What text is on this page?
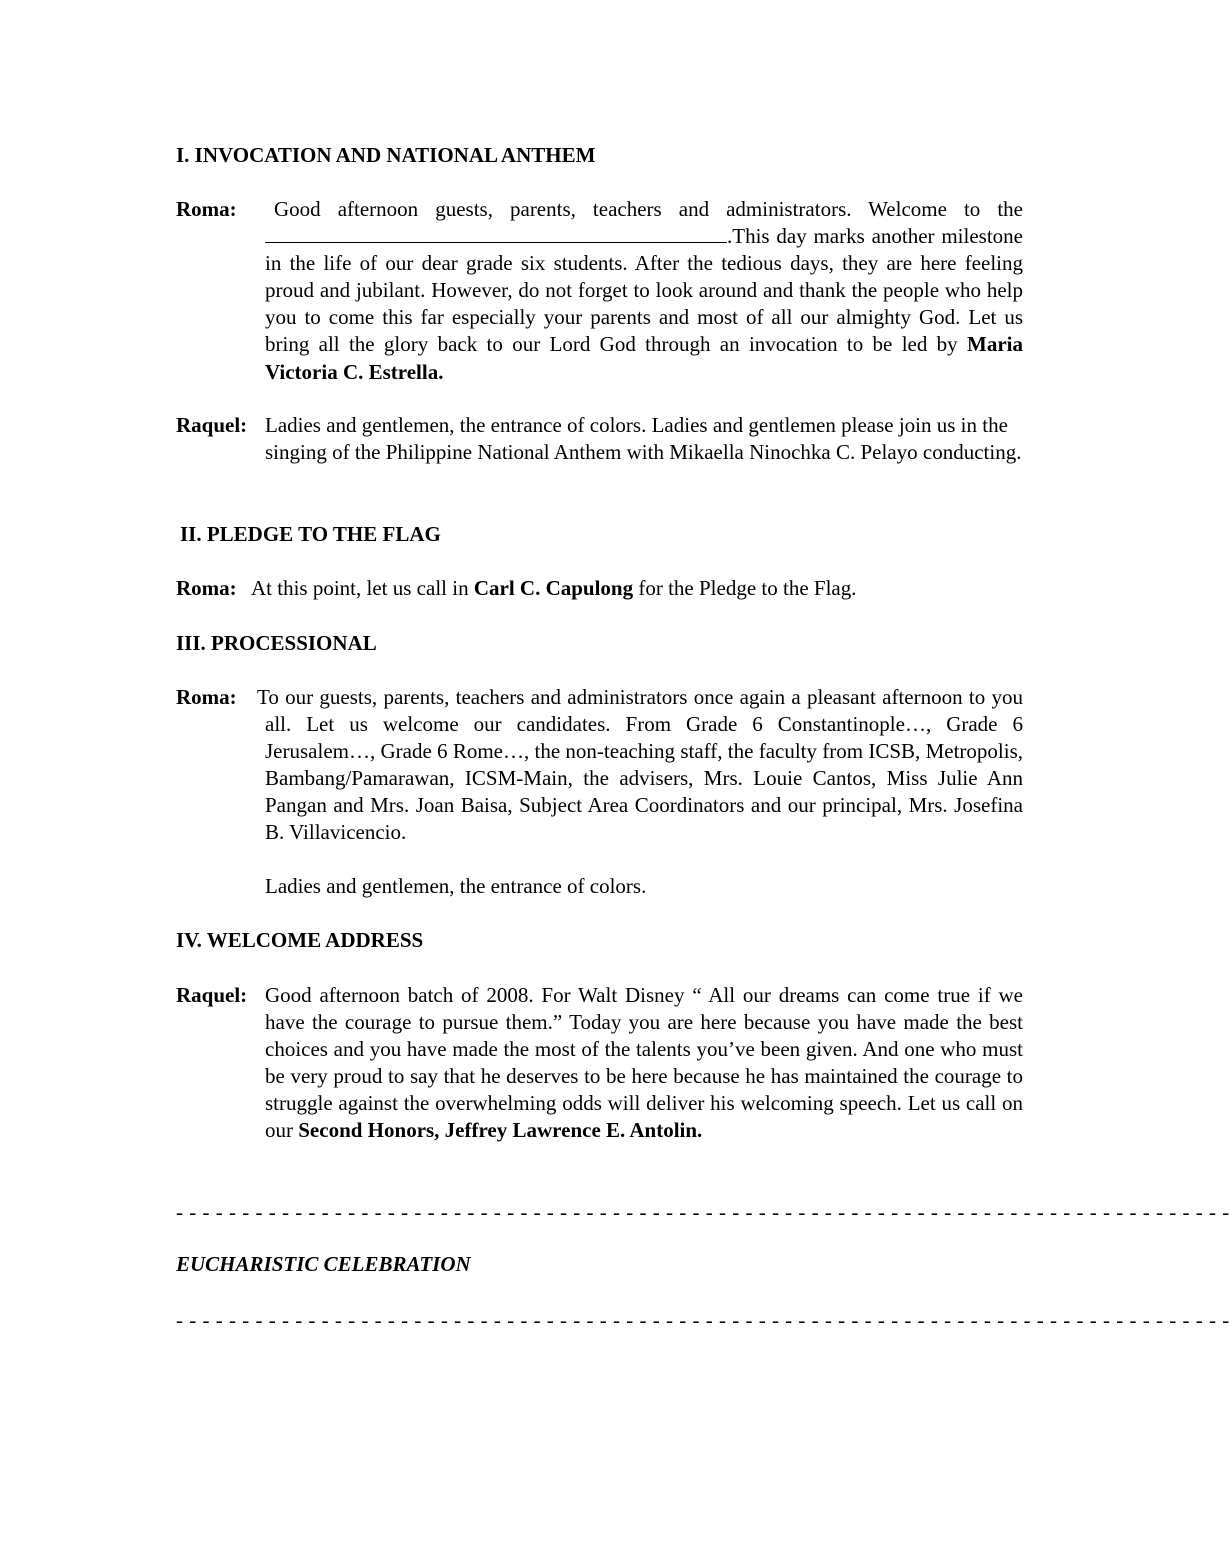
I. INVOCATION AND NATIONAL ANTHEM
Roma:	Good afternoon guests, parents, teachers and administrators. Welcome to the .This day marks another milestone in the life of our dear grade six students. After the tedious days, they are here feeling proud and jubilant. However, do not forget to look around and thank the people who help you to come this far especially your parents and most of all our almighty God. Let us bring all the glory back to our Lord God through an invocation to be led by Maria Victoria C. Estrella.
Raquel: Ladies and gentlemen, the entrance of colors. Ladies and gentlemen please join us in the singing of the Philippine National Anthem with Mikaella Ninochka C. Pelayo conducting.
II. PLEDGE TO THE FLAG
Roma: At this point, let us call in Carl C. Capulong for the Pledge to the Flag.
III. PROCESSIONAL
Roma: To our guests, parents, teachers and administrators once again a pleasant afternoon to you all. Let us welcome our candidates. From Grade 6 Constantinople…, Grade 6 Jerusalem…, Grade 6 Rome…, the non-teaching staff, the faculty from ICSB, Metropolis, Bambang/Pamarawan, ICSM-Main, the advisers, Mrs. Louie Cantos, Miss Julie Ann Pangan and Mrs. Joan Baisa, Subject Area Coordinators and our principal, Mrs. Josefina B. Villavicencio.
Ladies and gentlemen, the entrance of colors.
IV. WELCOME ADDRESS
Raquel: Good afternoon batch of 2008. For Walt Disney “ All our dreams can come true if we have the courage to pursue them.” Today you are here because you have made the best choices and you have made the most of the talents you’ve been given. And one who must be very proud to say that he deserves to be here because he has maintained the courage to struggle against the overwhelming odds will deliver his welcoming speech. Let us call on our Second Honors, Jeffrey Lawrence E. Antolin.
- - - - - - - - - - - - - - - - - - - - - - - - - - - - - - - - - - - - - - - - - - - - - - - - - - - - - - - - - - - - - - - - - - - - - - - - - - - - - - - -
EUCHARISTIC CELEBRATION
- - - - - - - - - - - - - - - - - - - - - - - - - - - - - - - - - - - - - - - - - - - - - - - - - - - - - - - - - - - - - - - - - - - - - - - - - - - - - - - -
